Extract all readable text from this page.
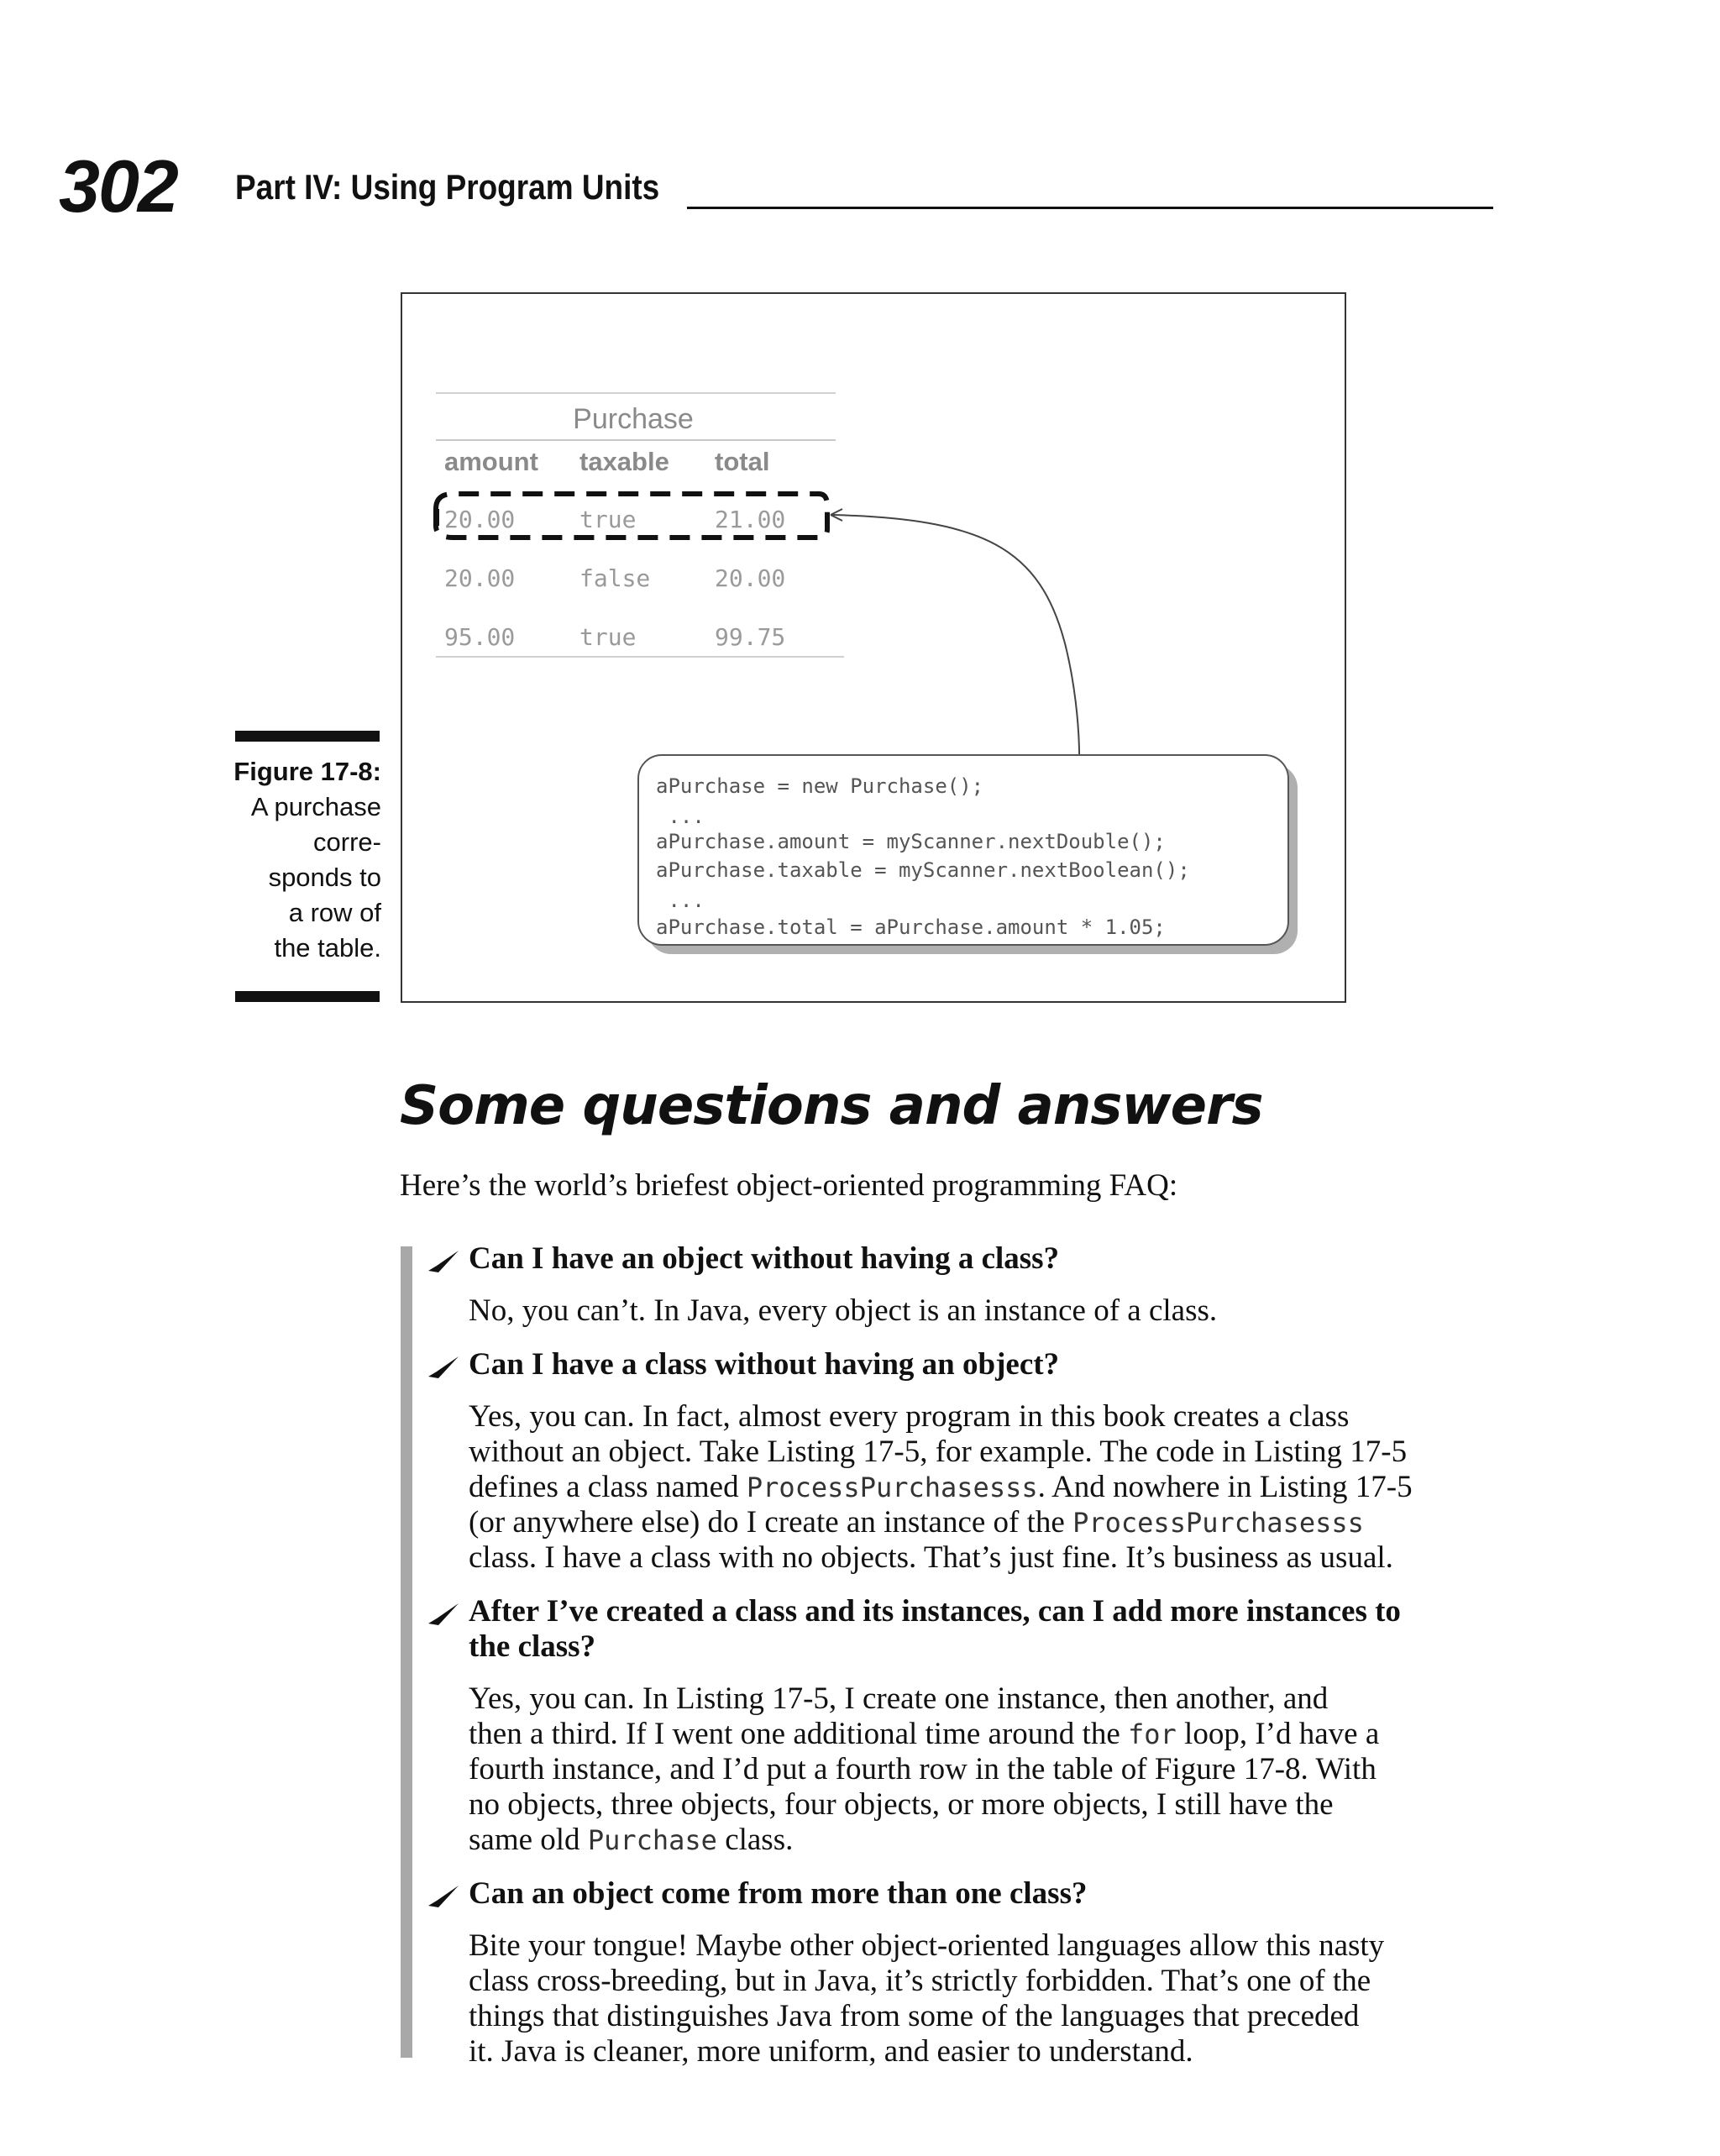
302 Part IV: Using Program Units
Purchase
amount taxable total
20.00	true	21.00
20.00	false	20.00
95.00	true	99.75
aPurchase = new Purchase();
...
aPurchase.amount = myScanner.nextDouble();
aPurchase.taxable = myScanner.nextBoolean();
...
aPurchase.total = aPurchase.amount * 1.05;
Figure 17-8:
A purchase
corre-
sponds to
a row of
the table.
Some questions and answers
Here’s the world’s briefest object-oriented programming FAQ:
Can I have an object without having a class?
No, you can’t. In Java, every object is an instance of a class.
Can I have a class without having an object?
Yes, you can. In fact, almost every program in this book creates a class
without an object. Take Listing 17-5, for example. The code in Listing 17-5
defines a class named ProcessPurchasesss. And nowhere in Listing 17-5
(or anywhere else) do I create an instance of the ProcessPurchasesss
class. I have a class with no objects. That’s just fine. It’s business as usual.
After I’ve created a class and its instances, can I add more instances to
the class?
Yes, you can. In Listing 17-5, I create one instance, then another, and
then a third. If I went one additional time around the for loop, I’d have a
fourth instance, and I’d put a fourth row in the table of Figure 17-8. With
no objects, three objects, four objects, or more objects, I still have the
same old Purchase class.
Can an object come from more than one class?
Bite your tongue! Maybe other object-oriented languages allow this nasty
class cross-breeding, but in Java, it’s strictly forbidden. That’s one of the
things that distinguishes Java from some of the languages that preceded
it. Java is cleaner, more uniform, and easier to understand.
